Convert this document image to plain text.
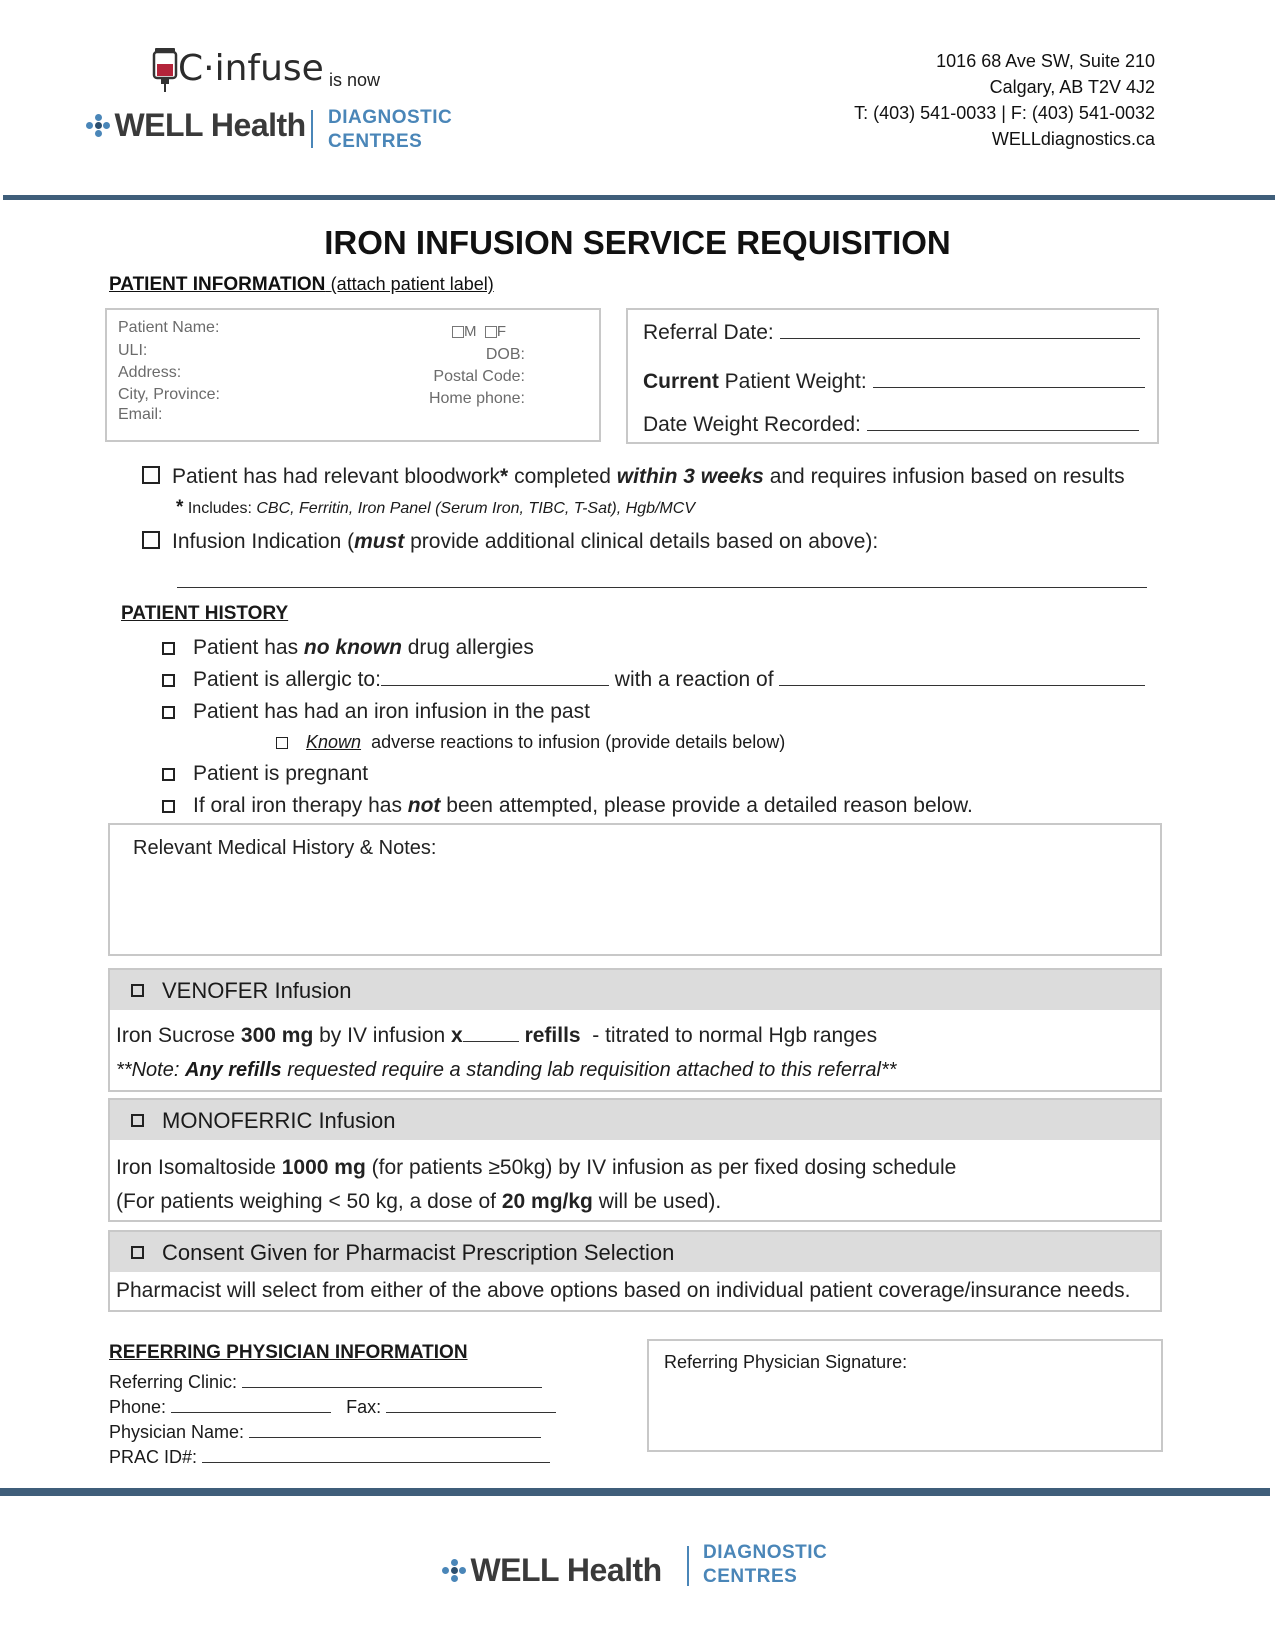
C·infuse is now
WELL Health DIAGNOSTIC
CENTRES
1016 68 Ave SW, Suite 210
Calgary, AB T2V 4J2
T: (403) 541-0033 | F: (403) 541-0032
WELLdiagnostics.ca
IRON INFUSION SERVICE REQUISITION
PATIENT INFORMATION (attach patient label)
Patient Name:
ULI:
Address:
City, Province:
Email:
M F
DOB:
Postal Code:
Home phone:
Referral Date:
Current Patient Weight:
Date Weight Recorded:
Patient has had relevant bloodwork* completed within 3 weeks and requires infusion based on results
* Includes: CBC, Ferritin, Iron Panel (Serum Iron, TIBC, T-Sat), Hgb/MCV
Infusion Indication (must provide additional clinical details based on above):
PATIENT HISTORY
Patient has no known drug allergies
Patient is allergic to:	with a reaction of
Patient has had an iron infusion in the past
Known adverse reactions to infusion (provide details below)
Patient is pregnant
If oral iron therapy has not been attempted, please provide a detailed reason below.
Relevant Medical History & Notes:
VENOFER Infusion
Iron Sucrose 300 mg by IV infusion x	refills  - titrated to normal Hgb ranges
**Note: Any refills requested require a standing lab requisition attached to this referral**
MONOFERRIC Infusion
Iron Isomaltoside 1000 mg (for patients ≥50kg) by IV infusion as per fixed dosing schedule
(For patients weighing < 50 kg, a dose of 20 mg/kg will be used).
Consent Given for Pharmacist Prescription Selection
Pharmacist will select from either of the above options based on individual patient coverage/insurance needs.
REFERRING PHYSICIAN INFORMATION
Referring Clinic:
Phone:	Fax:
Physician Name:
PRAC ID#:
Referring Physician Signature:
WELL Health DIAGNOSTIC
CENTRES
